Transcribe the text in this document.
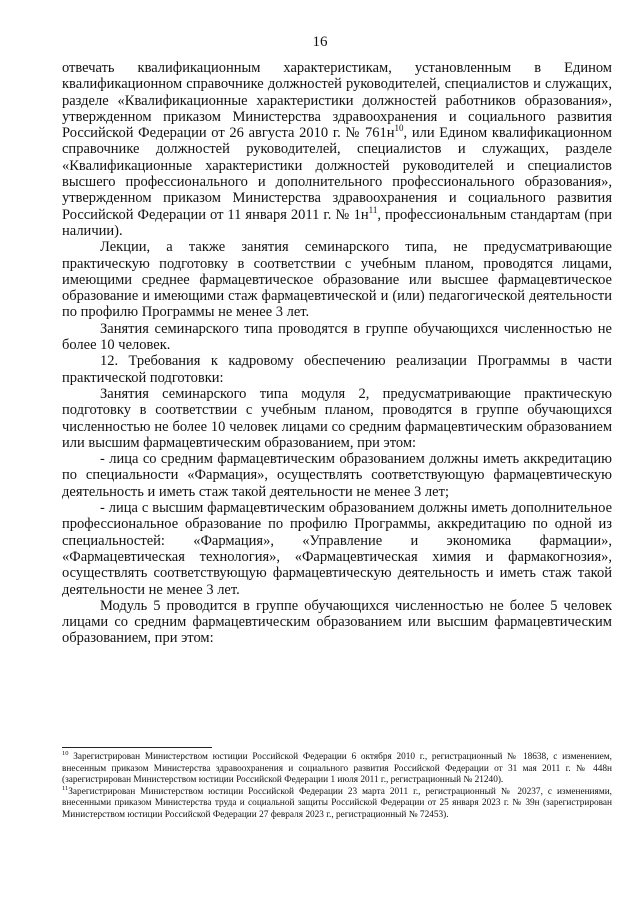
16

отвечать квалификационным характеристикам, установленным в Едином квалификационном справочнике должностей руководителей, специалистов и служащих, разделе «Квалификационные характеристики должностей работников образования», утвержденном приказом Министерства здравоохранения и социального развития Российской Федерации от 26 августа 2010 г. № $761н^{10}$, или Едином квалификационном справочнике должностей руководителей, специалистов и служащих, разделе «Квалификационные характеристики должностей руководителей и специалистов высшего профессионального и дополнительного профессионального образования», утвержденном приказом Министерства здравоохранения и социального развития Российской Федерации от 11 января 2011 г. № $1н^{11}$, профессиональным стандартам (при наличии).

Лекции, а также занятия семинарского типа, не предусматривающие практическую подготовку в соответствии с учебным планом, проводятся лицами, имеющими среднее фармацевтическое образование или высшее фармацевтическое образование и имеющими стаж фармацевтической и (или) педагогической деятельности по профилю Программы не менее 3 лет.

Занятия семинарского типа проводятся в группе обучающихся численностью не более 10 человек.

12. Требования к кадровому обеспечению реализации Программы в части практической подготовки:

Занятия семинарского типа модуля 2, предусматривающие практическую подготовку в соответствии с учебным планом, проводятся в группе обучающихся численностью не более 10 человек лицами со средним фармацевтическим образованием или высшим фармацевтическим образованием, при этом:

- лица со средним фармацевтическим образованием должны иметь аккредитацию по специальности «Фармация», осуществлять соответствующую фармацевтическую деятельность и иметь стаж такой деятельности не менее 3 лет;

- лица с высшим фармацевтическим образованием должны иметь дополнительное профессиональное образование по профилю Программы, аккредитацию по одной из специальностей: «Фармация», «Управление и экономика фармации», «Фармацевтическая технология», «Фармацевтическая химия и фармакогнозия», осуществлять соответствующую фармацевтическую деятельность и иметь стаж такой деятельности не менее 3 лет.

Модуль 5 проводится в группе обучающихся численностью не более 5 человек лицами со средним фармацевтическим образованием или высшим фармацевтическим образованием, при этом:

$^{10}$ Зарегистрирован Министерством юстиции Российской Федерации 6 октября 2010 г., регистрационный № 18638, с изменением, внесенным приказом Министерства здравоохранения и социального развития Российской Федерации от 31 мая 2011 г. № 448н (зарегистрирован Министерством юстиции Российской Федерации 1 июля 2011 г., регистрационный № 21240).

$^{11}$Зарегистрирован Министерством юстиции Российской Федерации 23 марта 2011 г., регистрационный № 20237, с изменениями, внесенными приказом Министерства труда и социальной защиты Российской Федерации от 25 января 2023 г. № 39н (зарегистрирован Министерством юстиции Российской Федерации 27 февраля 2023 г., регистрационный № 72453).
